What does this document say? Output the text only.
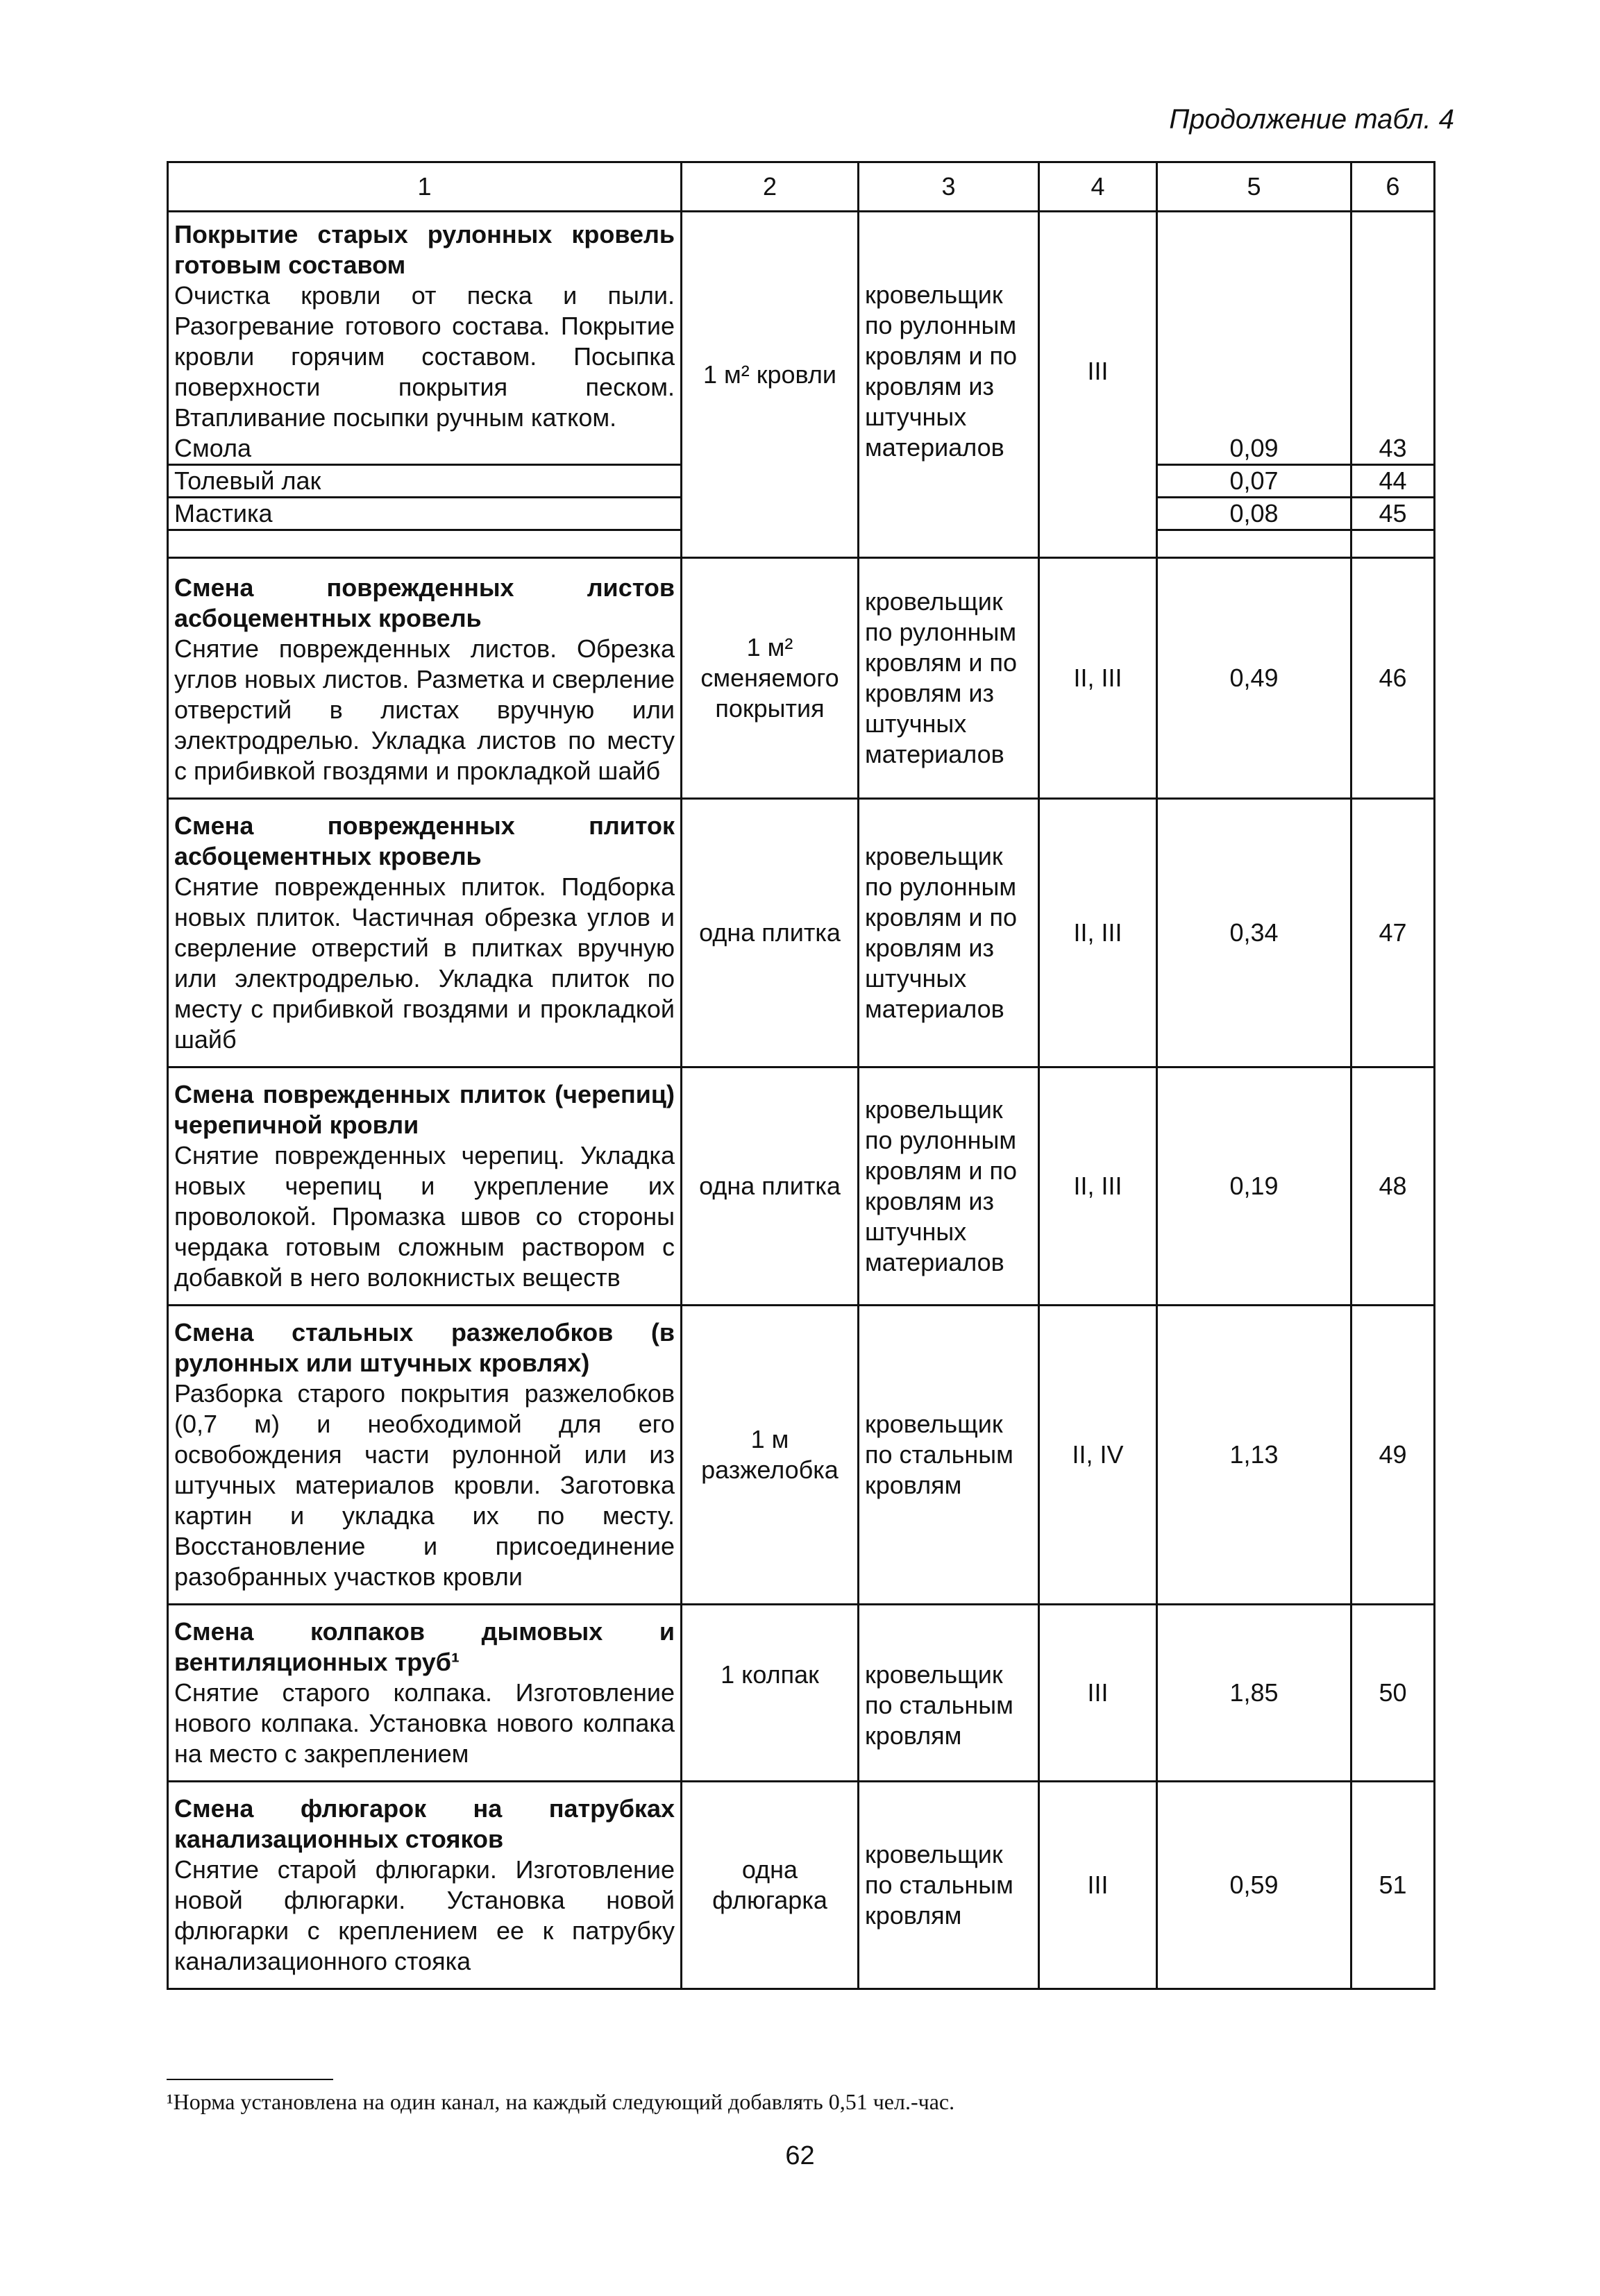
Продолжение табл. 4
1	2	3	4	5	6

Покрытие старых рулонных кровель готовым составом
Очистка кровли от песка и пыли. Разогревание готового состава. Покрытие кровли горячим составом. Посыпка поверхности покрытия песком. Втапливание посыпки ручным катком.
Смола	1 м² кровли	кровельщик по рулонным кровлям и по кровлям из штучных материалов	III	0,09	43
Толевый лак				0,07	44
Мастика				0,08	45

Смена поврежденных листов асбоцементных кровель
Снятие поврежденных листов. Обрезка углов новых листов. Разметка и сверление отверстий в листах вручную или электродрелью. Укладка листов по месту с прибивкой гвоздями и прокладкой шайб	1 м² сменяемого покрытия	кровельщик по рулонным кровлям и по кровлям из штучных материалов	II, III	0,49	46

Смена поврежденных плиток асбоцементных кровель
Снятие поврежденных плиток. Подборка новых плиток. Частичная обрезка углов и сверление отверстий в плитках вручную или электродрелью. Укладка плиток по месту с прибивкой гвоздями и прокладкой шайб	одна плитка	кровельщик по рулонным кровлям и по кровлям из штучных материалов	II, III	0,34	47

Смена поврежденных плиток (черепиц) черепичной кровли
Снятие поврежденных черепиц. Укладка новых черепиц и укрепление их проволокой. Промазка швов со стороны чердака готовым сложным раствором с добавкой в него волокнистых веществ	одна плитка	кровельщик по рулонным кровлям и по кровлям из штучных материалов	II, III	0,19	48

Смена стальных разжелобков (в рулонных или штучных кровлях)
Разборка старого покрытия разжелобков (0,7 м) и необходимой для его освобождения части рулонной или из штучных материалов кровли. Заготовка картин и укладка их по месту. Восстановление и присоединение разобранных участков кровли	1 м разжелобка	кровельщик по стальным кровлям	II, IV	1,13	49

Смена колпаков дымовых и вентиляционных труб¹
Снятие старого колпака. Изготовление нового колпака. Установка нового колпака на место с закреплением	1 колпак	кровельщик по стальным кровлям	III	1,85	50

Смена флюгарок на патрубках канализационных стояков
Снятие старой флюгарки. Изготовление новой флюгарки. Установка новой флюгарки с креплением ее к патрубку канализационного стояка	одна флюгарка	кровельщик по стальным кровлям	III	0,59	51
¹Норма установлена на один канал, на каждый следующий добавлять 0,51 чел.-час.
62
